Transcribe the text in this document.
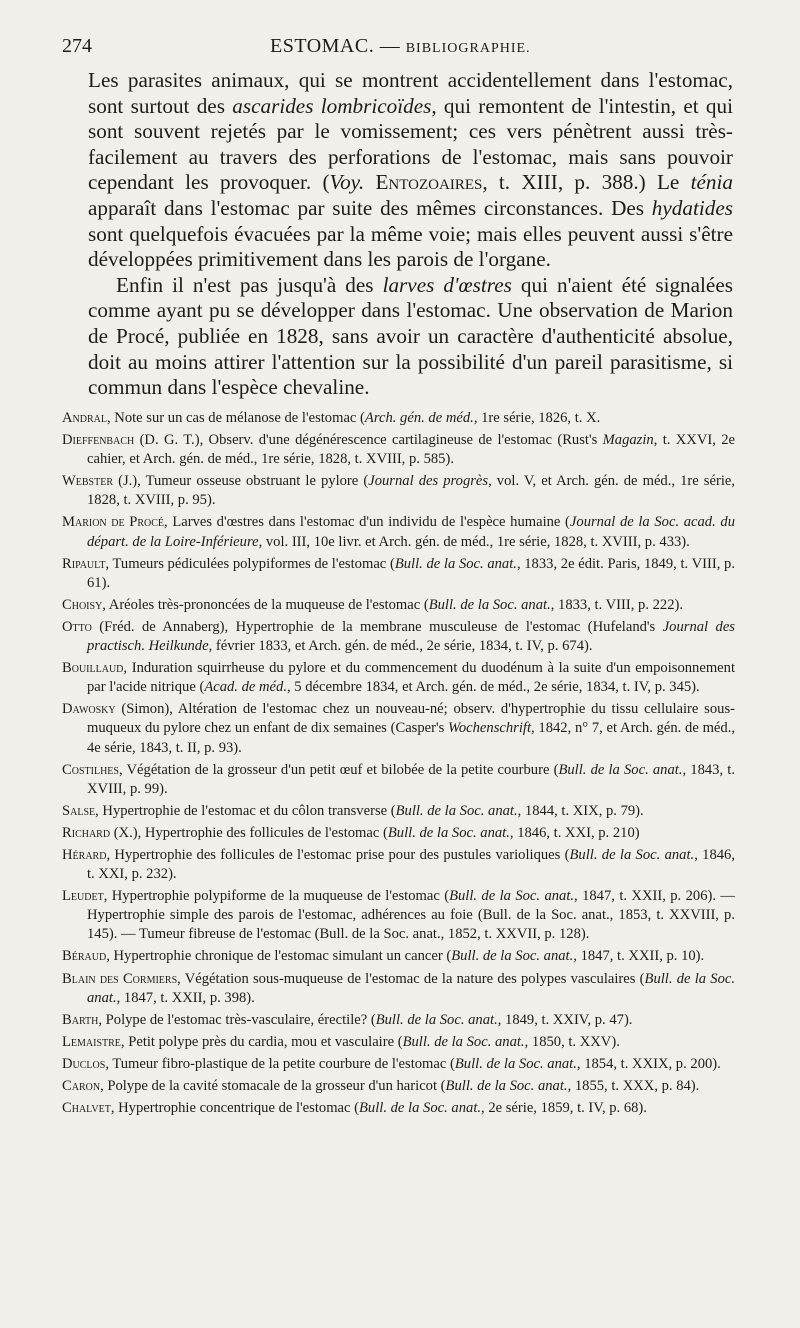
274	ESTOMAC. — BIBLIOGRAPHIE.

Les parasites animaux, qui se montrent accidentellement dans l'estomac, sont surtout des ascarides lombricoïdes, qui remontent de l'intestin, et qui sont souvent rejetés par le vomissement; ces vers pénètrent aussi très-facilement au travers des perforations de l'estomac, mais sans pouvoir cependant les provoquer. (Voy. Entozoaires, t. XIII, p. 388.) Le ténia apparaît dans l'estomac par suite des mêmes circonstances. Des hydatides sont quelquefois évacuées par la même voie; mais elles peuvent aussi s'être développées primitivement dans les parois de l'organe.

Enfin il n'est pas jusqu'à des larves d'œstres qui n'aient été signalées comme ayant pu se développer dans l'estomac. Une observation de Marion de Procé, publiée en 1828, sans avoir un caractère d'authenticité absolue, doit au moins attirer l'attention sur la possibilité d'un pareil parasitisme, si commun dans l'espèce chevaline.

Andral, Note sur un cas de mélanose de l'estomac (Arch. gén. de méd., 1re série, 1826, t. X.

Dieffenbach (D. G. T.), Observ. d'une dégénérescence cartilagineuse de l'estomac (Rust's Magazin, t. XXVI, 2e cahier, et Arch. gén. de méd., 1re série, 1828, t. XVIII, p. 585).

Webster (J.), Tumeur osseuse obstruant le pylore (Journal des progrès, vol. V, et Arch. gén. de méd., 1re série, 1828, t. XVIII, p. 95).

Marion de Procé, Larves d'œstres dans l'estomac d'un individu de l'espèce humaine (Journal de la Soc. acad. du départ. de la Loire-Inférieure, vol. III, 10e livr. et Arch. gén. de méd., 1re série, 1828, t. XVIII, p. 433).

Ripault, Tumeurs pédiculées polypiformes de l'estomac (Bull. de la Soc. anat., 1833, 2e édit. Paris, 1849, t. VIII, p. 61).

Choisy, Aréoles très-prononcées de la muqueuse de l'estomac (Bull. de la Soc. anat., 1833, t. VIII, p. 222).

Otto (Fréd. de Annaberg), Hypertrophie de la membrane musculeuse de l'estomac (Hufeland's Journal des practisch. Heilkunde, février 1833, et Arch. gén. de méd., 2e série, 1834, t. IV, p. 674).

Bouillaud, Induration squirrheuse du pylore et du commencement du duodénum à la suite d'un empoisonnement par l'acide nitrique (Acad. de méd., 5 décembre 1834, et Arch. gén. de méd., 2e série, 1834, t. IV, p. 345).

Dawosky (Simon), Altération de l'estomac chez un nouveau-né; observ. d'hypertrophie du tissu cellulaire sous-muqueux du pylore chez un enfant de dix semaines (Casper's Wochenschrift, 1842, n° 7, et Arch. gén. de méd., 4e série, 1843, t. II, p. 93).

Costilhes, Végétation de la grosseur d'un petit œuf et bilobée de la petite courbure (Bull. de la Soc. anat., 1843, t. XVIII, p. 99).

Salse, Hypertrophie de l'estomac et du côlon transverse (Bull. de la Soc. anat., 1844, t. XIX, p. 79).

Richard (X.), Hypertrophie des follicules de l'estomac (Bull. de la Soc. anat., 1846, t. XXI, p. 210)

Hérard, Hypertrophie des follicules de l'estomac prise pour des pustules varioliques (Bull. de la Soc. anat., 1846, t. XXI, p. 232).

Leudet, Hypertrophie polypiforme de la muqueuse de l'estomac (Bull. de la Soc. anat., 1847, t. XXII, p. 206). — Hypertrophie simple des parois de l'estomac, adhérences au foie (Bull. de la Soc. anat., 1853, t. XXVIII, p. 145). — Tumeur fibreuse de l'estomac (Bull. de la Soc. anat., 1852, t. XXVII, p. 128).

Béraud, Hypertrophie chronique de l'estomac simulant un cancer (Bull. de la Soc. anat., 1847, t. XXII, p. 10).

Blain des Cormiers, Végétation sous-muqueuse de l'estomac de la nature des polypes vasculaires (Bull. de la Soc. anat., 1847, t. XXII, p. 398).

Barth, Polype de l'estomac très-vasculaire, érectile? (Bull. de la Soc. anat., 1849, t. XXIV, p. 47).

Lemaistre, Petit polype près du cardia, mou et vasculaire (Bull. de la Soc. anat., 1850, t. XXV).

Duclos, Tumeur fibro-plastique de la petite courbure de l'estomac (Bull. de la Soc. anat., 1854, t. XXIX, p. 200).

Caron, Polype de la cavité stomacale de la grosseur d'un haricot (Bull. de la Soc. anat., 1855, t. XXX, p. 84).

Chalvet, Hypertrophie concentrique de l'estomac (Bull. de la Soc. anat., 2e série, 1859, t. IV, p. 68).
